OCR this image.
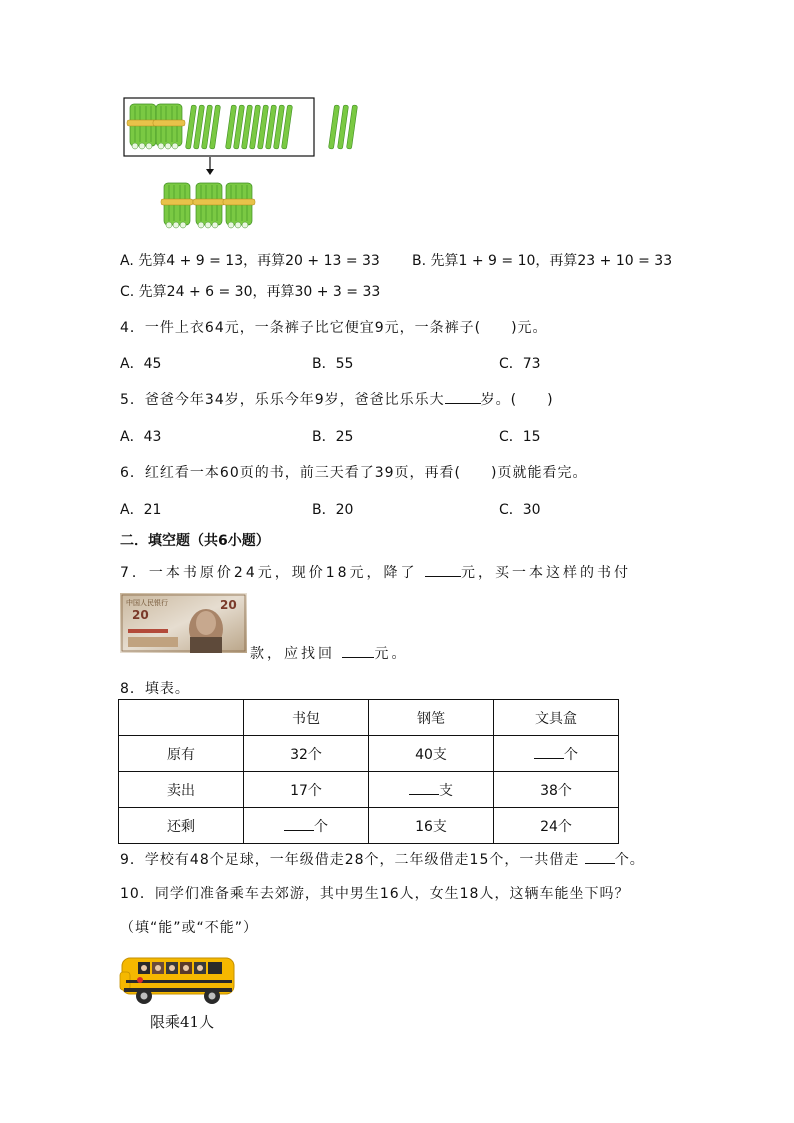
A. 先算4 + 9 = 13，再算20 + 13 = 33 B. 先算1 + 9 = 10，再算23 + 10 = 33
C. 先算24 + 6 = 30，再算30 + 3 = 33
4．一件上衣64元，一条裤子比它便宜9元，一条裤子(　　)元。
A．45	B．55	C．73
5．爸爸今年34岁，乐乐今年9岁，爸爸比乐乐大	岁。(　　)
A．43	B．25	C．15
6．红红看一本60页的书，前三天看了39页，再看(　　)页就能看完。
A．21	B．20	C．30
二．填空题（共6小题）
7．一本书原价24元，现价18元，降了	元，买一本这样的书付
中国人民银行
20
20
款，应找回	元。
8．填表。
	书包	钢笔	文具盒
原有	32个	40支	个
卖出	17个	支	38个
还剩	个	16支	24个
9．学校有48个足球，一年级借走28个，二年级借走15个，一共借走	个。
10．同学们准备乘车去郊游，其中男生16人，女生18人，这辆车能坐下吗？
（填“能”或“不能”）
限乘41人
